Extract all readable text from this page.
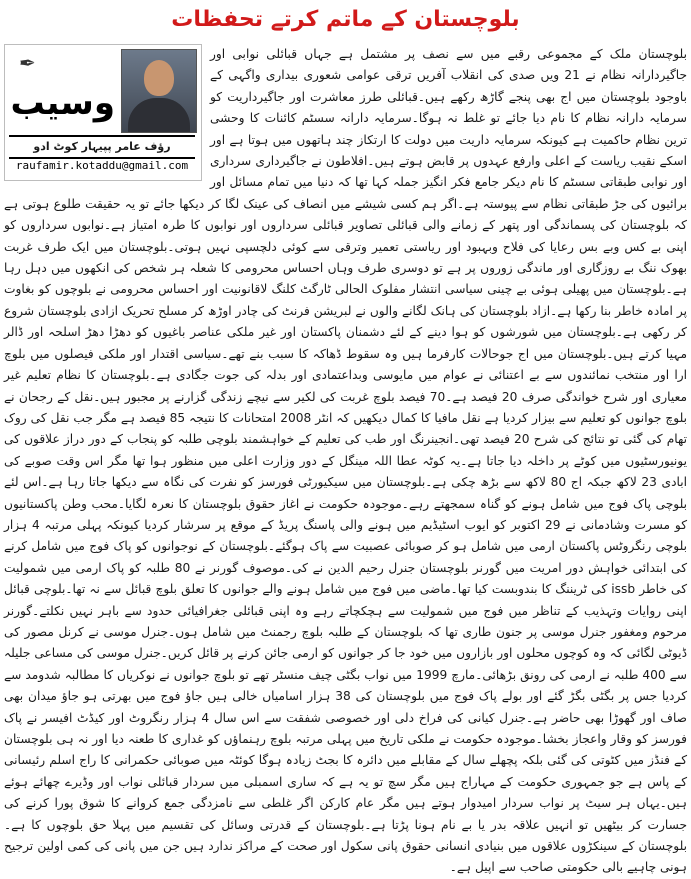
بلوچستان کے ماتم کرتے تحفظات
✒
وسیب
رؤف عامر پپیہار کوٹ ادو
raufamir.kotaddu@gmail.com

بلوچستان ملک کے مجموعی رقبے میں سے نصف پر مشتمل ہے جہاں قبائلی نوابی اور جاگیردارانہ نظام نے 21 ویں صدی کی انقلاب آفریں ترقی عوامی شعوری بیداری واگہی کے باوجود بلوچستان میں اج بھی پنجے گاڑھ رکھے ہیں۔قبائلی طرز معاشرت اور جاگیرداریت کو سرمایہ دارانہ نظام کا نام دیا جائے تو غلط نہ ہوگا۔سرمایہ دارانہ سسٹم کائنات کا وحشی ترین نظام حاکمیت ہے کیونکہ سرمایہ داریت میں دولت کا ارتکاز چند ہاتھوں میں ہوتا ہے اور اسکے نقیب ریاست کے اعلی وارفع عہدوں پر قابض ہوتے ہیں۔افلاطون نے جاگیرداری سرداری اور نوابی طبقاتی سسٹم کا نام دیکر جامع فکر انگیز جملہ کہا تھا کہ دنیا میں تمام مسائل اور برائیوں کی جڑ طبقاتی نظام سے پیوستہ ہے۔اگر ہم کسی شیشے میں انصاف کی عینک لگا کر دیکھا جائے تو یہ حقیقت طلوع ہوتی ہے کہ بلوچستان کی پسماندگی اور پتھر کے زمانے والی قبائلی تصاویر قبائلی سرداروں اور نوابوں کا طرہ امتیاز ہے۔نوابوں سرداروں کو اپنی بے کس وبے بس رعایا کی فلاح وبہبود اور ریاستی تعمیر وترقی سے کوئی دلچسپی نہیں ہوتی۔بلوچستان میں ایک طرف غربت بھوک ننگ بے روزگاری اور ماندگی زوروں پر ہے تو دوسری طرف وہاں احساس محرومی کا شعلہ ہر شخص کی انکھوں میں دہل رہا ہے۔بلوچستان میں پھیلی ہوئی بے چینی سیاسی انتشار مفلوک الحالی ٹارگٹ کلنگ لاقانونیت اور احساس محرومی نے بلوچوں کو بغاوت پر امادہ خاطر بنا رکھا ہے۔ازاد بلوچستان کی ہانک لگانے والوں نے لبریشن فرنٹ کی چادر اوڑھ کر مسلح تحریک ازادی بلوچستان شروع کر رکھی ہے۔بلوچستان میں شورشوں کو ہوا دینے کے لئے دشمنان پاکستان اور غیر ملکی عناصر باغیوں کو دھڑا دھڑ اسلحہ اور ڈالر مہیا کرتے ہیں۔بلوچستان میں اج جوحالات کارفرما ہیں وہ سقوط ڈھاکہ کا سبب بنے تھے۔سیاسی اقتدار اور ملکی فیصلوں میں بلوچ ارا اور منتخب نمائندوں سے بے اعتنائی نے عوام میں مایوسی وبداعتمادی اور بدلہ کی جوت جگادی ہے۔بلوچستان کا نظام تعلیم غیر معیاری اور شرح خواندگی صرف 20 فیصد ہے۔70 فیصد بلوچ غربت کی لکیر سے نیچے زندگی گزارنے پر مجبور ہیں۔نقل کے رجحان نے بلوچ جوانوں کو تعلیم سے بیزار کردیا ہے نقل مافیا کا کمال دیکھیں کہ انٹر 2008 امتحانات کا نتیجہ 85 فیصد ہے مگر جب نقل کی روک تھام کی گئی تو نتائج کی شرح 20 فیصد تھی۔انجینرنگ اور طب کی تعلیم کے خواہشمند بلوچی طلبہ کو پنجاب کے دور دراز علاقوں کی یونیورسٹیوں میں کوٹے پر داخلہ دیا جاتا ہے۔یہ کوٹہ عطا اللہ مینگل کے دور وزارت اعلی میں منظور ہوا تھا مگر اس وقت صوبے کی ابادی 23 لاکھ جبکہ اج 80 لاکھ سے بڑھ چکی ہے۔بلوچستان میں سیکیورٹی فورسز کو نفرت کی نگاہ سے دیکھا جاتا رہا ہے۔اس لئے بلوچی پاک فوج میں شامل ہونے کو گناہ سمجھتے رہے۔موجودہ حکومت نے اغاز حقوق بلوچستان کا نعرہ لگایا۔محب وطن پاکستانیوں کو مسرت وشادمانی نے 29 اکتوبر کو ایوب اسٹیڈیم میں ہونے والی پاسنگ پریڈ کے موقع پر سرشار کردیا کیونکہ پہلی مرتبہ 4 ہزار بلوچی رنگروٹس پاکستان ارمی میں شامل ہو کر صوبائی عصبیت سے پاک ہوگئے۔بلوچستان کے نوجوانوں کو پاک فوج میں شامل کرنے کی ابتدائی خواہش دور امریت میں گورنر بلوچستان جنرل رحیم الدین نے کی۔موصوف گورنر نے 80 طلبہ کو پاک ارمی میں شمولیت کی خاطر issb کی ٹریننگ کا بندوبست کیا تھا۔ماضی میں فوج میں شامل ہونے والے جوانوں کا تعلق بلوچ قبائل سے نہ تھا۔بلوچی قبائل اپنی روایات وتہذیب کے تناظر میں فوج میں شمولیت سے ہچکچاتے رہے وہ اپنی قبائلی جغرافیائی حدود سے باہر نہیں نکلتے۔گورنر مرحوم ومغفور جنرل موسی پر جنون طاری تھا کہ بلوچستان کے طلبہ بلوچ رجمنٹ میں شامل ہوں۔جنرل موسی نے کرنل مصور کی ڈیوٹی لگائی کہ وہ کوچوں محلوں اور بازاروں میں خود جا کر جوانوں کو ارمی جائن کرنے پر قائل کریں۔جنرل موسی کی مساعی جلیلہ سے 400 طلبہ نے ارمی کی رونق بڑھائی۔مارچ 1999 میں نواب بگٹی چیف منسٹر تھے تو بلوچ جوانوں نے نوکریاں کا مطالبہ شدومد سے کردیا جس پر بگٹی بگڑ گئے اور بولے پاک فوج میں بلوچستان کی 38 ہزار اسامیاں خالی ہیں جاؤ فوج میں بھرتی ہو جاؤ میدان بھی صاف اور گھوڑا بھی حاضر ہے۔جنرل کیانی کی فراخ دلی اور خصوصی شفقت سے اس سال 4 ہزار رنگروٹ اور کیڈٹ افیسر نے پاک فورسز کو وقار واعجاز بخشا۔موجودہ حکومت نے ملکی تاریخ میں پہلی مرتبہ بلوچ رہنماؤں کو غداری کا طعنہ دیا اور نہ ہی بلوچستان کے فنڈز میں کٹوتی کی گئی بلکہ پچھلے سال کے مقابلے میں دائرہ کا بجٹ زیادہ ہوگا کوئٹہ میں صوبائی حکمرانی کا راج اسلم رئیسانی کے پاس ہے جو جمہوری حکومت کے مہاراج ہیں مگر سچ تو یہ ہے کہ ساری اسمبلی میں سردار قبائلی نواب اور وڈیرے چھائے ہوئے ہیں۔یہاں ہر سیٹ پر نواب سردار امیدوار ہوتے ہیں مگر عام کارکن اگر غلطی سے نامزدگی جمع کروانے کا شوق پورا کرنے کی جسارت کر بیٹھیں تو انہیں علاقہ بدر یا بے نام ہونا پڑتا ہے۔بلوچستان کے قدرتی وسائل کی تقسیم میں پہلا حق بلوچوں کا ہے۔بلوچستان کے سینکڑوں علاقوں میں بنیادی انسانی حقوق پانی سکول اور صحت کے مراکز ندارد ہیں جن میں پانی کی کمی اولین ترجیح ہونی چاہیے بالی حکومتی صاحب سے اپیل ہے۔
